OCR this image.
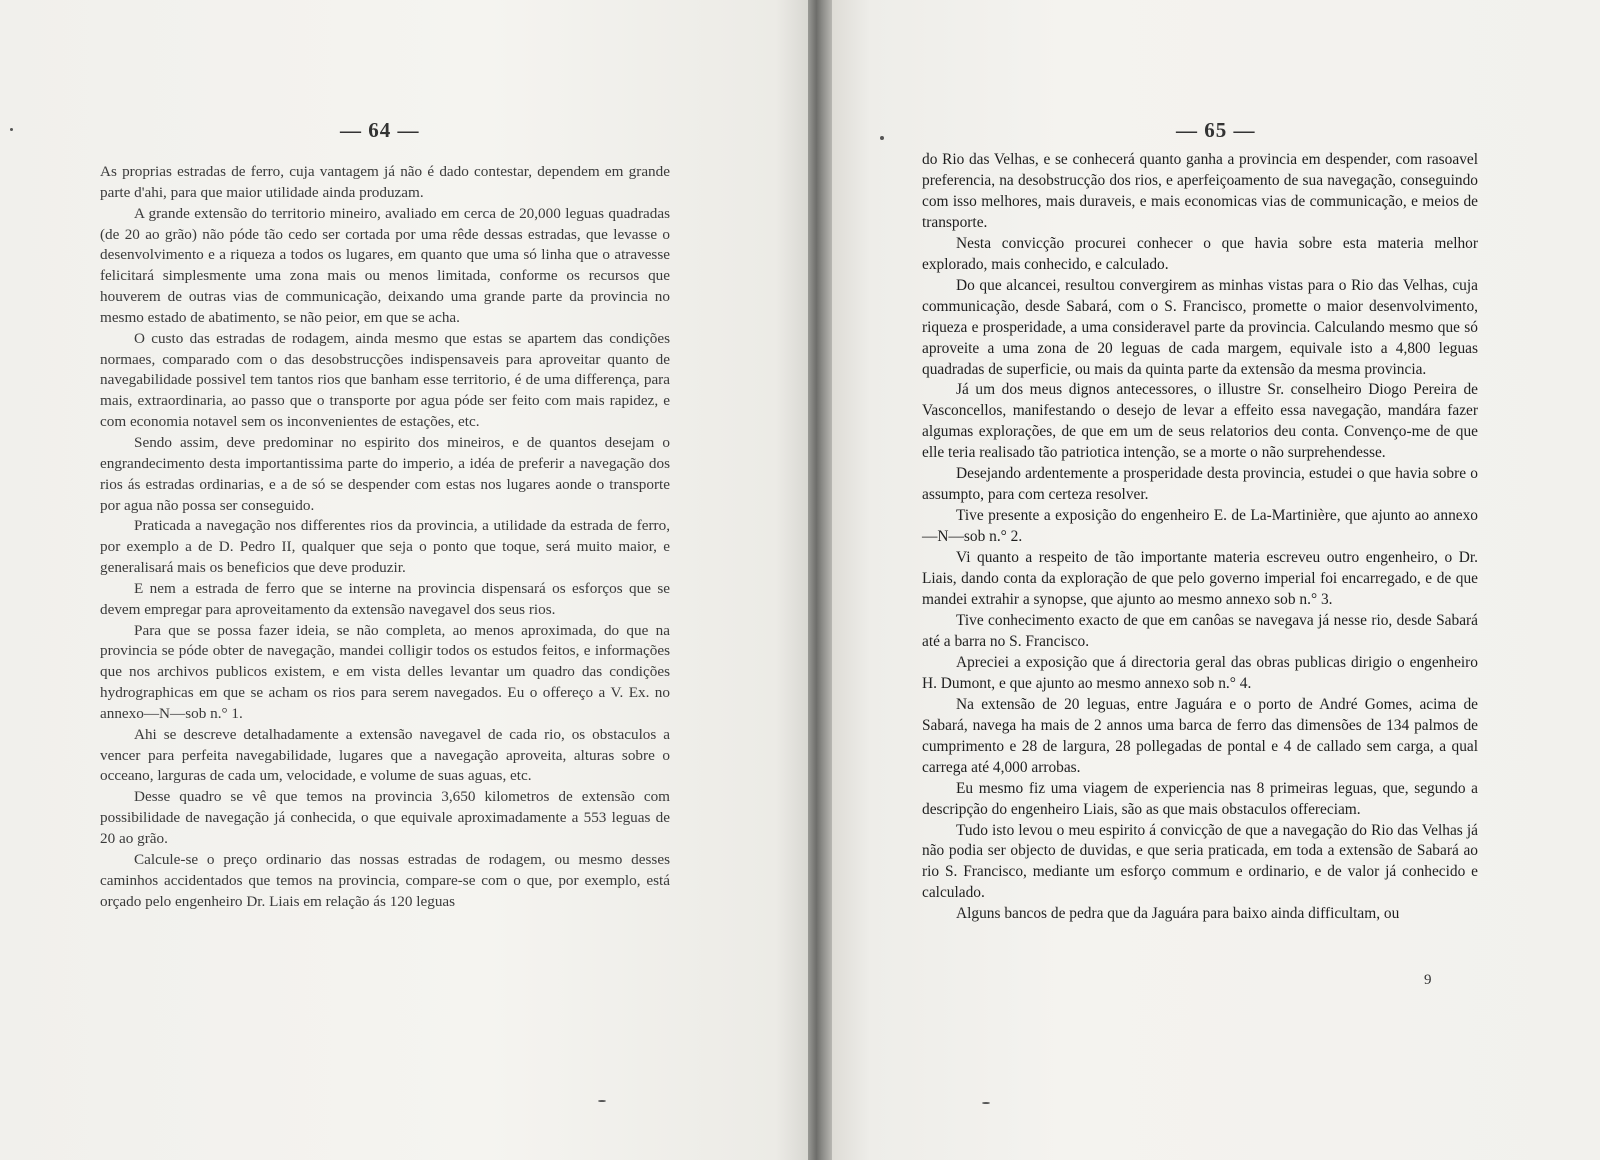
— 64 —

As proprias estradas de ferro, cuja vantagem já não é dado contestar, dependem em grande parte d'ahi, para que maior utilidade ainda produzam.

A grande extensão do territorio mineiro, avaliado em cerca de 20,000 leguas quadradas (de 20 ao grão) não póde tão cedo ser cortada por uma rêde dessas estradas, que levasse o desenvolvimento e a riqueza a todos os lugares, em quanto que uma só linha que o atravesse felicitará simplesmente uma zona mais ou menos limitada, conforme os recursos que houverem de outras vias de communicação, deixando uma grande parte da provincia no mesmo estado de abatimento, se não peior, em que se acha.

O custo das estradas de rodagem, ainda mesmo que estas se apartem das condições normaes, comparado com o das desobstrucções indispensaveis para aproveitar quanto de navegabilidade possivel tem tantos rios que banham esse territorio, é de uma differença, para mais, extraordinaria, ao passo que o transporte por agua póde ser feito com mais rapidez, e com economia notavel sem os inconvenientes de estações, etc.

Sendo assim, deve predominar no espirito dos mineiros, e de quantos desejam o engrandecimento desta importantissima parte do imperio, a idéa de preferir a navegação dos rios ás estradas ordinarias, e a de só se despender com estas nos lugares aonde o transporte por agua não possa ser conseguido.

Praticada a navegação nos differentes rios da provincia, a utilidade da estrada de ferro, por exemplo a de D. Pedro II, qualquer que seja o ponto que toque, será muito maior, e generalisará mais os beneficios que deve produzir.

E nem a estrada de ferro que se interne na provincia dispensará os esforços que se devem empregar para aproveitamento da extensão navegavel dos seus rios.

Para que se possa fazer ideia, se não completa, ao menos aproximada, do que na provincia se póde obter de navegação, mandei colligir todos os estudos feitos, e informações que nos archivos publicos existem, e em vista delles levantar um quadro das condições hydrographicas em que se acham os rios para serem navegados. Eu o offereço a V. Ex. no annexo—N—sob n.° 1.

Ahi se descreve detalhadamente a extensão navegavel de cada rio, os obstaculos a vencer para perfeita navegabilidade, lugares que a navegação aproveita, alturas sobre o occeano, larguras de cada um, velocidade, e volume de suas aguas, etc.

Desse quadro se vê que temos na provincia 3,650 kilometros de extensão com possibilidade de navegação já conhecida, o que equivale aproximadamente a 553 leguas de 20 ao grão.

Calcule-se o preço ordinario das nossas estradas de rodagem, ou mesmo desses caminhos accidentados que temos na provincia, compare-se com o que, por exemplo, está orçado pelo engenheiro Dr. Liais em relação ás 120 leguas

— 65 —

do Rio das Velhas, e se conhecerá quanto ganha a provincia em despender, com rasoavel preferencia, na desobstrucção dos rios, e aperfeiçoamento de sua navegação, conseguindo com isso melhores, mais duraveis, e mais economicas vias de communicação, e meios de transporte.

Nesta convicção procurei conhecer o que havia sobre esta materia melhor explorado, mais conhecido, e calculado.

Do que alcancei, resultou convergirem as minhas vistas para o Rio das Velhas, cuja communicação, desde Sabará, com o S. Francisco, promette o maior desenvolvimento, riqueza e prosperidade, a uma consideravel parte da provincia. Calculando mesmo que só aproveite a uma zona de 20 leguas de cada margem, equivale isto a 4,800 leguas quadradas de superficie, ou mais da quinta parte da extensão da mesma provincia.

Já um dos meus dignos antecessores, o illustre Sr. conselheiro Diogo Pereira de Vasconcellos, manifestando o desejo de levar a effeito essa navegação, mandára fazer algumas explorações, de que em um de seus relatorios deu conta. Convenço-me de que elle teria realisado tão patriotica intenção, se a morte o não surprehendesse.

Desejando ardentemente a prosperidade desta provincia, estudei o que havia sobre o assumpto, para com certeza resolver.

Tive presente a exposição do engenheiro E. de La-Martinière, que ajunto ao annexo—N—sob n.° 2.

Vi quanto a respeito de tão importante materia escreveu outro engenheiro, o Dr. Liais, dando conta da exploração de que pelo governo imperial foi encarregado, e de que mandei extrahir a synopse, que ajunto ao mesmo annexo sob n.° 3.

Tive conhecimento exacto de que em canôas se navegava já nesse rio, desde Sabará até a barra no S. Francisco.

Apreciei a exposição que á directoria geral das obras publicas dirigio o engenheiro H. Dumont, e que ajunto ao mesmo annexo sob n.° 4.

Na extensão de 20 leguas, entre Jaguára e o porto de André Gomes, acima de Sabará, navega ha mais de 2 annos uma barca de ferro das dimensões de 134 palmos de cumprimento e 28 de largura, 28 pollegadas de pontal e 4 de callado sem carga, a qual carrega até 4,000 arrobas.

Eu mesmo fiz uma viagem de experiencia nas 8 primeiras leguas, que, segundo a descripção do engenheiro Liais, são as que mais obstaculos offereciam.

Tudo isto levou o meu espirito á convicção de que a navegação do Rio das Velhas já não podia ser objecto de duvidas, e que seria praticada, em toda a extensão de Sabará ao rio S. Francisco, mediante um esforço commum e ordinario, e de valor já conhecido e calculado.

Alguns bancos de pedra que da Jaguára para baixo ainda difficultam, ou

9
